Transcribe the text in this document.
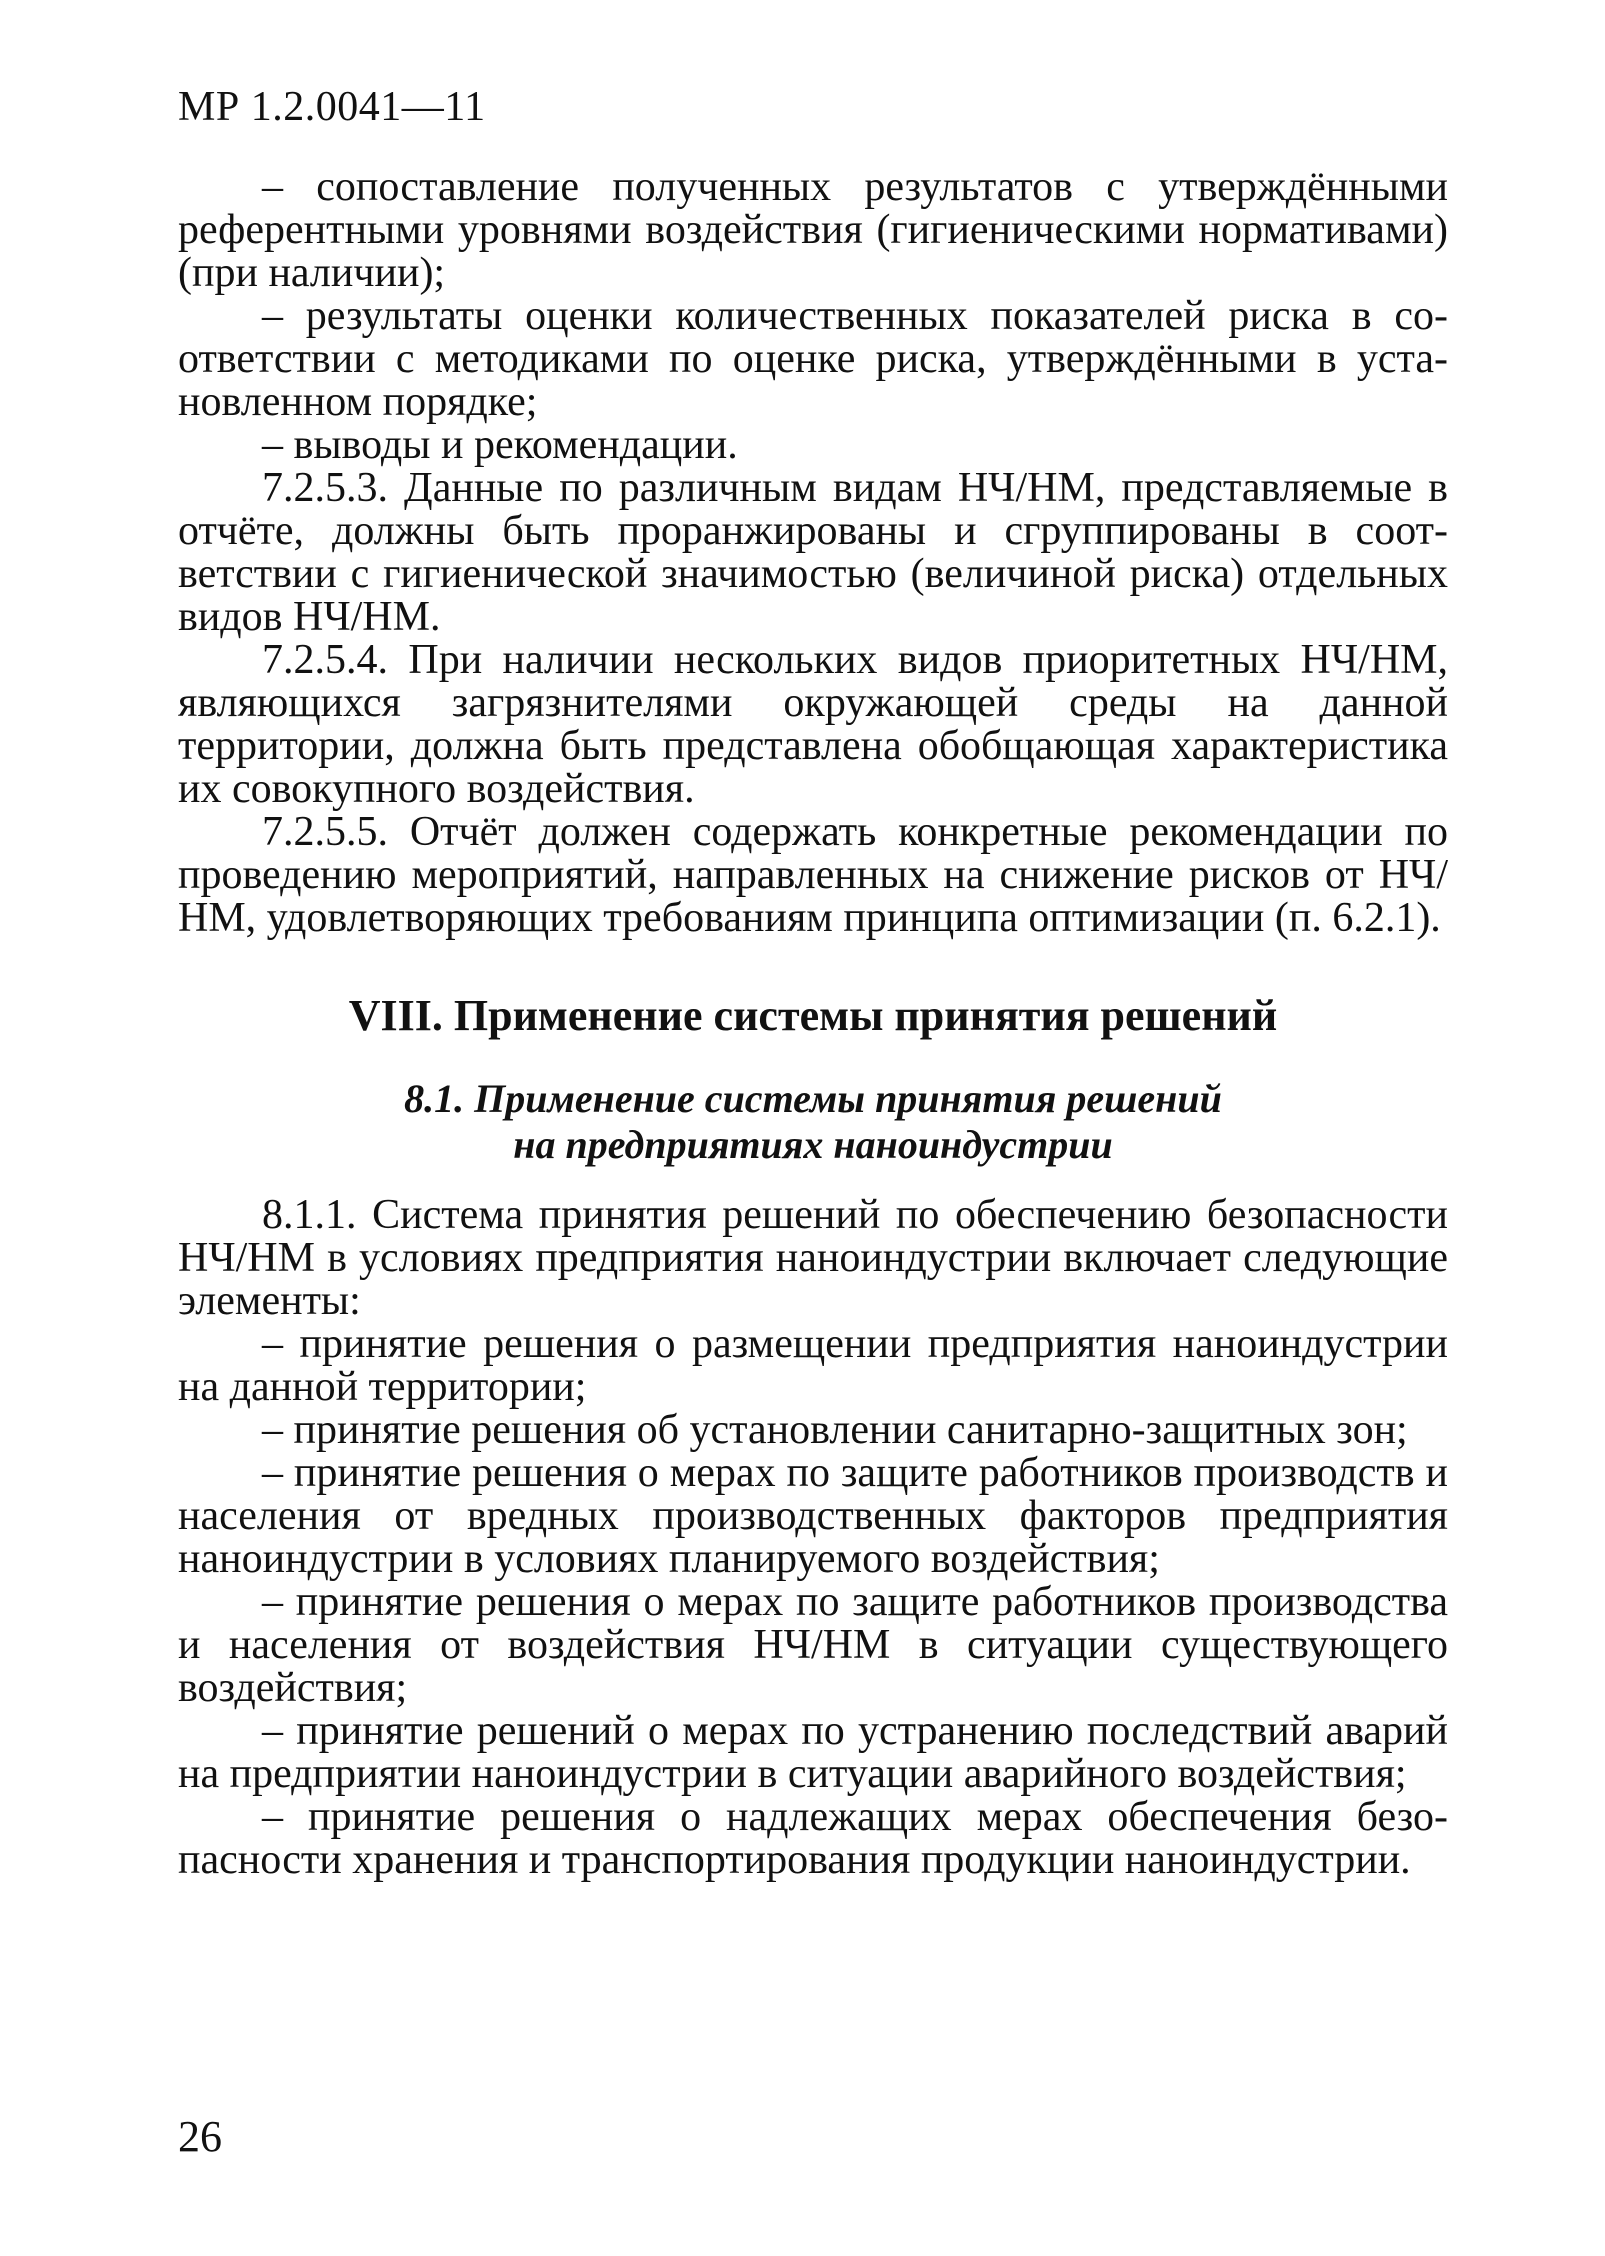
МР 1.2.0041—11

– сопоставление полученных результатов с утверждёнными референтными уровнями воздействия (гигиеническими нормативами) (при наличии);

– результаты оценки количественных показателей риска в соответствии с методиками по оценке риска, утверждёнными в установленном порядке;

– выводы и рекомендации.

7.2.5.3. Данные по различным видам НЧ/НМ, представляемые в отчёте, должны быть проранжированы и сгруппированы в соответствии с гигиенической значимостью (величиной риска) отдельных видов НЧ/НМ.

7.2.5.4. При наличии нескольких видов приоритетных НЧ/НМ, являющихся загрязнителями окружающей среды на данной территории, должна быть представлена обобщающая характеристика их совокупного воздействия.

7.2.5.5. Отчёт должен содержать конкретные рекомендации по проведению мероприятий, направленных на снижение рисков от НЧ/НМ, удовлетворяющих требованиям принципа оптимизации (п. 6.2.1).

VIII. Применение системы принятия решений
8.1. Применение системы принятия решений
на предприятиях наноиндустрии

8.1.1. Система принятия решений по обеспечению безопасности НЧ/НМ в условиях предприятия наноиндустрии включает следующие элементы:

– принятие решения о размещении предприятия наноиндустрии на данной территории;

– принятие решения об установлении санитарно-защитных зон;

– принятие решения о мерах по защите работников производств и населения от вредных производственных факторов предприятия наноиндустрии в условиях планируемого воздействия;

– принятие решения о мерах по защите работников производства и населения от воздействия НЧ/НМ в ситуации существующего воздействия;

– принятие решений о мерах по устранению последствий аварий на предприятии наноиндустрии в ситуации аварийного воздействия;

– принятие решения о надлежащих мерах обеспечения безопасности хранения и транспортирования продукции наноиндустрии.

26
